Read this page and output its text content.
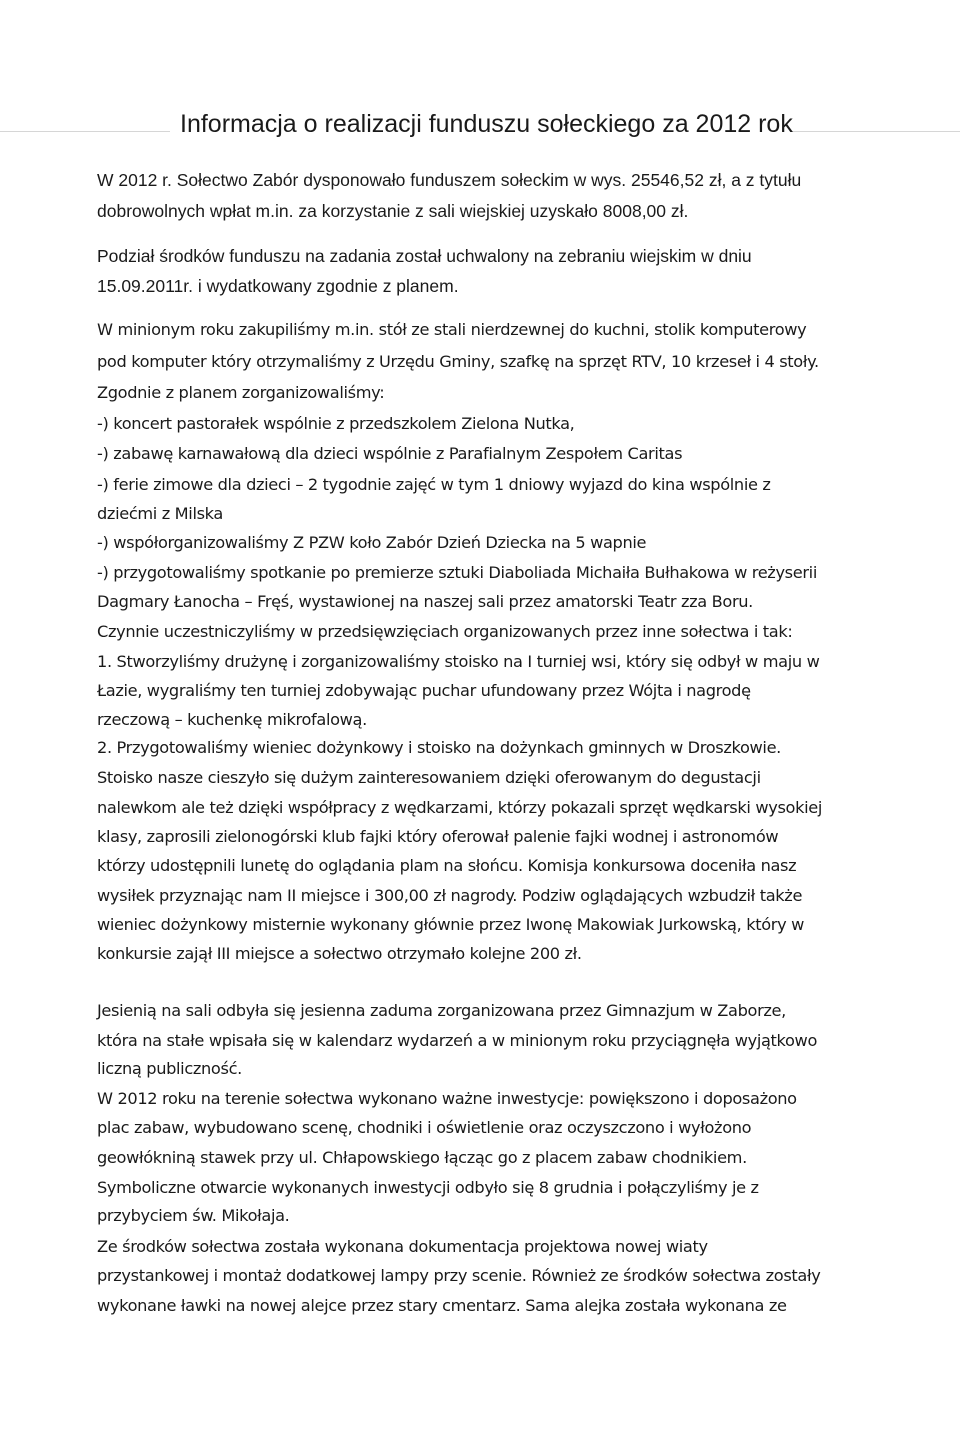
Informacja o realizacji funduszu sołeckiego za 2012 rok

W 2012 r. Sołectwo Zabór dysponowało funduszem sołeckim w wys. 25546,52 zł, a z tytułu

dobrowolnych wpłat m.in. za korzystanie z sali wiejskiej uzyskało 8008,00 zł.

Podział środków funduszu na zadania został uchwalony na zebraniu wiejskim w dniu

15.09.2011r. i wydatkowany zgodnie z planem.

W minionym roku zakupiliśmy m.in. stół ze stali nierdzewnej do kuchni, stolik komputerowy

pod komputer który otrzymaliśmy z Urzędu Gminy, szafkę na sprzęt RTV, 10 krzeseł i 4 stoły.

Zgodnie z planem zorganizowaliśmy:

-) koncert pastorałek wspólnie z przedszkolem Zielona Nutka,

-) zabawę karnawałową dla dzieci wspólnie z Parafialnym Zespołem Caritas

-) ferie zimowe dla dzieci – 2 tygodnie zajęć w tym 1 dniowy wyjazd do kina wspólnie z

dziećmi z Milska

-) współorganizowaliśmy Z PZW koło Zabór Dzień Dziecka na 5 wapnie

-) przygotowaliśmy spotkanie po premierze sztuki Diaboliada Michaiła Bułhakowa w reżyserii

Dagmary Łanocha – Fręś, wystawionej na naszej sali przez amatorski Teatr zza Boru.

Czynnie uczestniczyliśmy w przedsięwzięciach organizowanych przez inne sołectwa i tak:

1. Stworzyliśmy drużynę i zorganizowaliśmy stoisko na I turniej wsi, który się odbył w maju w

Łazie, wygraliśmy ten turniej zdobywając puchar ufundowany przez Wójta i nagrodę

rzeczową – kuchenkę mikrofalową.

2. Przygotowaliśmy wieniec dożynkowy i stoisko na dożynkach gminnych w Droszkowie.

Stoisko nasze cieszyło się dużym zainteresowaniem dzięki oferowanym do degustacji

nalewkom ale też dzięki współpracy z wędkarzami, którzy pokazali sprzęt wędkarski wysokiej

klasy, zaprosili zielonogórski klub fajki który oferował palenie fajki wodnej i astronomów

którzy udostępnili lunetę do oglądania plam na słońcu. Komisja konkursowa doceniła nasz

wysiłek przyznając nam II miejsce i 300,00 zł nagrody. Podziw oglądających wzbudził także

wieniec dożynkowy misternie wykonany głównie przez Iwonę Makowiak Jurkowską, który w

konkursie zajął III miejsce a sołectwo otrzymało kolejne 200 zł.

Jesienią na sali odbyła się jesienna zaduma zorganizowana przez Gimnazjum w Zaborze,

która na stałe wpisała się w kalendarz wydarzeń a w minionym roku przyciągnęła wyjątkowo

liczną publiczność.

W 2012 roku na terenie sołectwa wykonano ważne inwestycje: powiększono i doposażono

plac zabaw, wybudowano scenę, chodniki i oświetlenie oraz oczyszczono i wyłożono

geowłókniną stawek przy ul. Chłapowskiego łącząc go z placem zabaw chodnikiem.

Symboliczne otwarcie wykonanych inwestycji odbyło się 8 grudnia i połączyliśmy je z

przybyciem św. Mikołaja.

Ze środków sołectwa została wykonana dokumentacja projektowa nowej wiaty

przystankowej i montaż dodatkowej lampy przy scenie. Również ze środków sołectwa zostały

wykonane ławki na nowej alejce przez stary cmentarz. Sama alejka została wykonana ze
